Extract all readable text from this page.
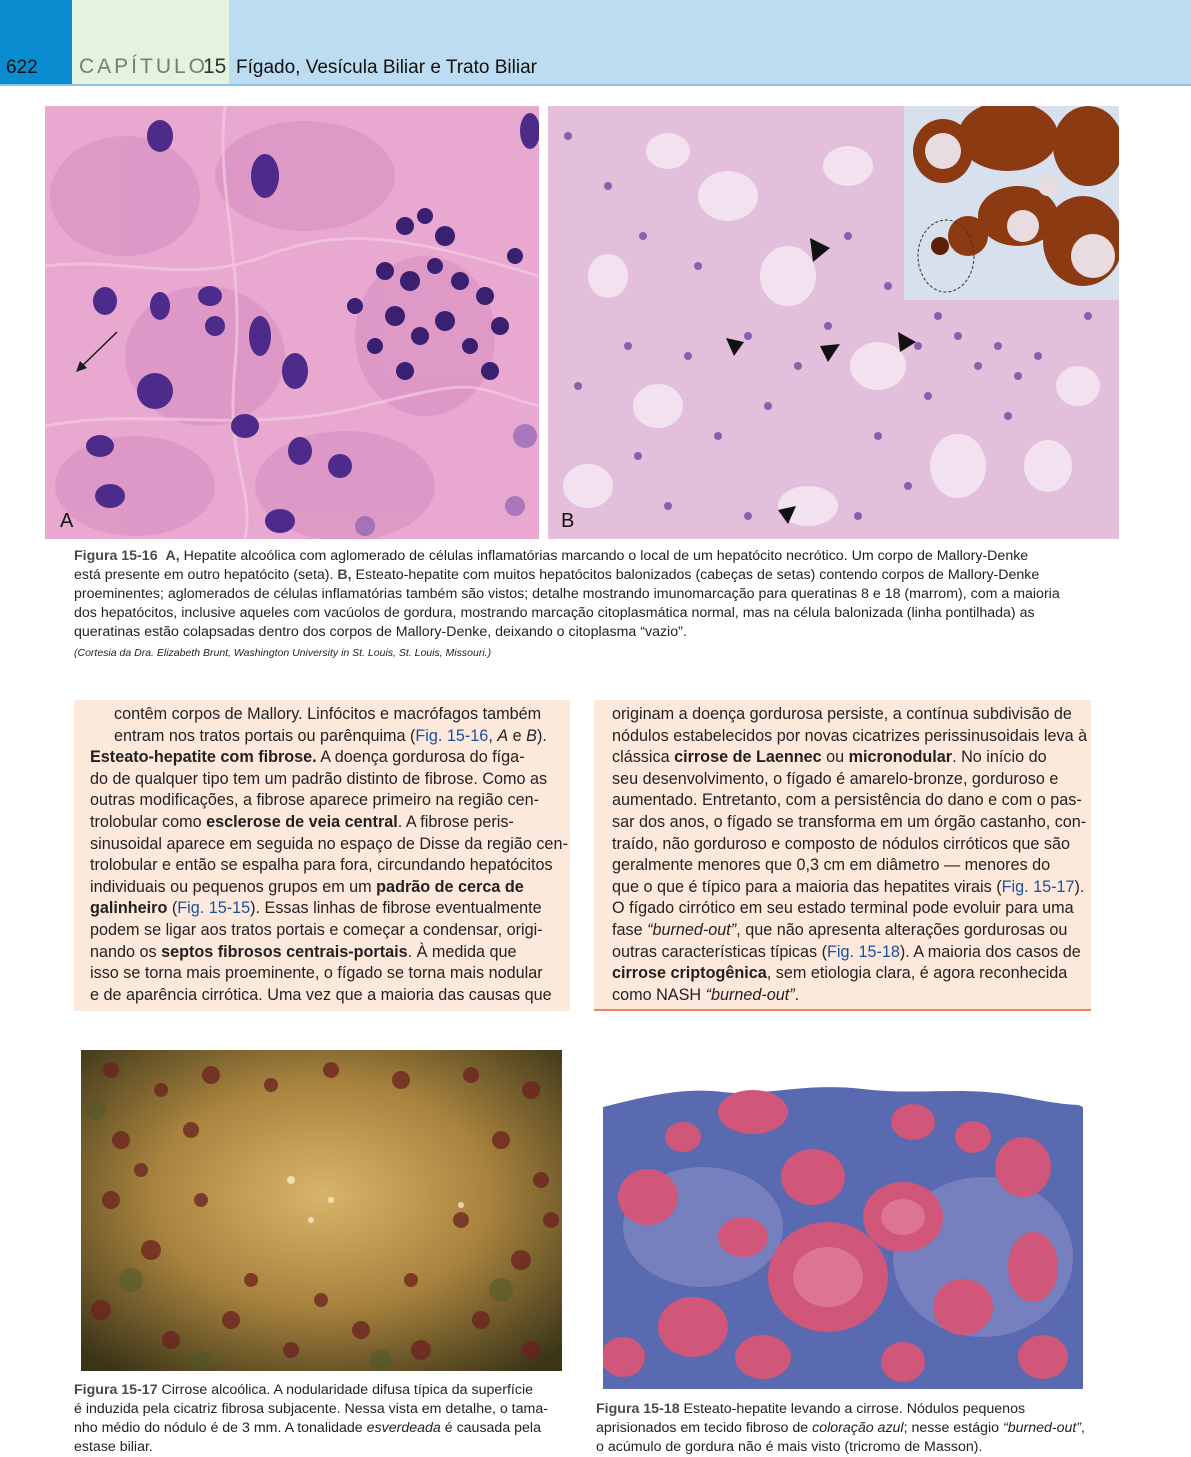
622 CAPÍTULO
15 Fígado, Vesícula Biliar e Trato Biliar
A	B
Figura 15-16 A, Hepatite alcoólica com aglomerado de células inflamatórias marcando o local de um hepatócito necrótico. Um corpo de Mallory-Denke
está presente em outro hepatócito (seta). B, Esteato-hepatite com muitos hepatócitos balonizados (cabeças de setas) contendo corpos de Mallory-Denke
proeminentes; aglomerados de células inflamatórias também são vistos; detalhe mostrando imunomarcação para queratinas 8 e 18 (marrom), com a maioria
dos hepatócitos, inclusive aqueles com vacúolos de gordura, mostrando marcação citoplasmática normal, mas na célula balonizada (linha pontilhada) as
queratinas estão colapsadas dentro dos corpos de Mallory-Denke, deixando o citoplasma “vazio”.
(Cortesia da Dra. Elizabeth Brunt, Washington University in St. Louis, St. Louis, Missouri.)

contêm corpos de Mallory. Linfócitos e macrófagos também

entram nos tratos portais ou parênquima (Fig. 15-16, A e B).

Esteato-hepatite com fibrose. A doença gordurosa do fíga-

do de qualquer tipo tem um padrão distinto de fibrose. Como as

outras modificações, a fibrose aparece primeiro na região cen-

trolobular como esclerose de veia central. A fibrose peris-

sinusoidal aparece em seguida no espaço de Disse da região cen-

trolobular e então se espalha para fora, circundando hepatócitos

individuais ou pequenos grupos em um padrão de cerca de

galinheiro (Fig. 15-15). Essas linhas de fibrose eventualmente

podem se ligar aos tratos portais e começar a condensar, origi-

nando os septos fibrosos centrais-portais. À medida que

isso se torna mais proeminente, o fígado se torna mais nodular

e de aparência cirrótica. Uma vez que a maioria das causas que

originam a doença gordurosa persiste, a contínua subdivisão de

nódulos estabelecidos por novas cicatrizes perissinusoidais leva à

clássica cirrose de Laennec ou micronodular. No início do

seu desenvolvimento, o fígado é amarelo-bronze, gorduroso e

aumentado. Entretanto, com a persistência do dano e com o pas-

sar dos anos, o fígado se transforma em um órgão castanho, con-

traído, não gorduroso e composto de nódulos cirróticos que são

geralmente menores que 0,3 cm em diâmetro — menores do

que o que é típico para a maioria das hepatites virais (Fig. 15-17).

O fígado cirrótico em seu estado terminal pode evoluir para uma

fase “burned-out”, que não apresenta alterações gordurosas ou

outras características típicas (Fig. 15-18). A maioria dos casos de

cirrose criptogênica, sem etiologia clara, é agora reconhecida

como NASH “burned-out”.

Figura 15-17 Cirrose alcoólica. A nodularidade difusa típica da superfície
é induzida pela cicatriz fibrosa subjacente. Nessa vista em detalhe, o tama-
nho médio do nódulo é de 3 mm. A tonalidade esverdeada é causada pela
estase biliar.
Figura 15-18 Esteato-hepatite levando a cirrose. Nódulos pequenos
aprisionados em tecido fibroso de coloração azul; nesse estágio “burned-out”,
o acúmulo de gordura não é mais visto (tricromo de Masson).
